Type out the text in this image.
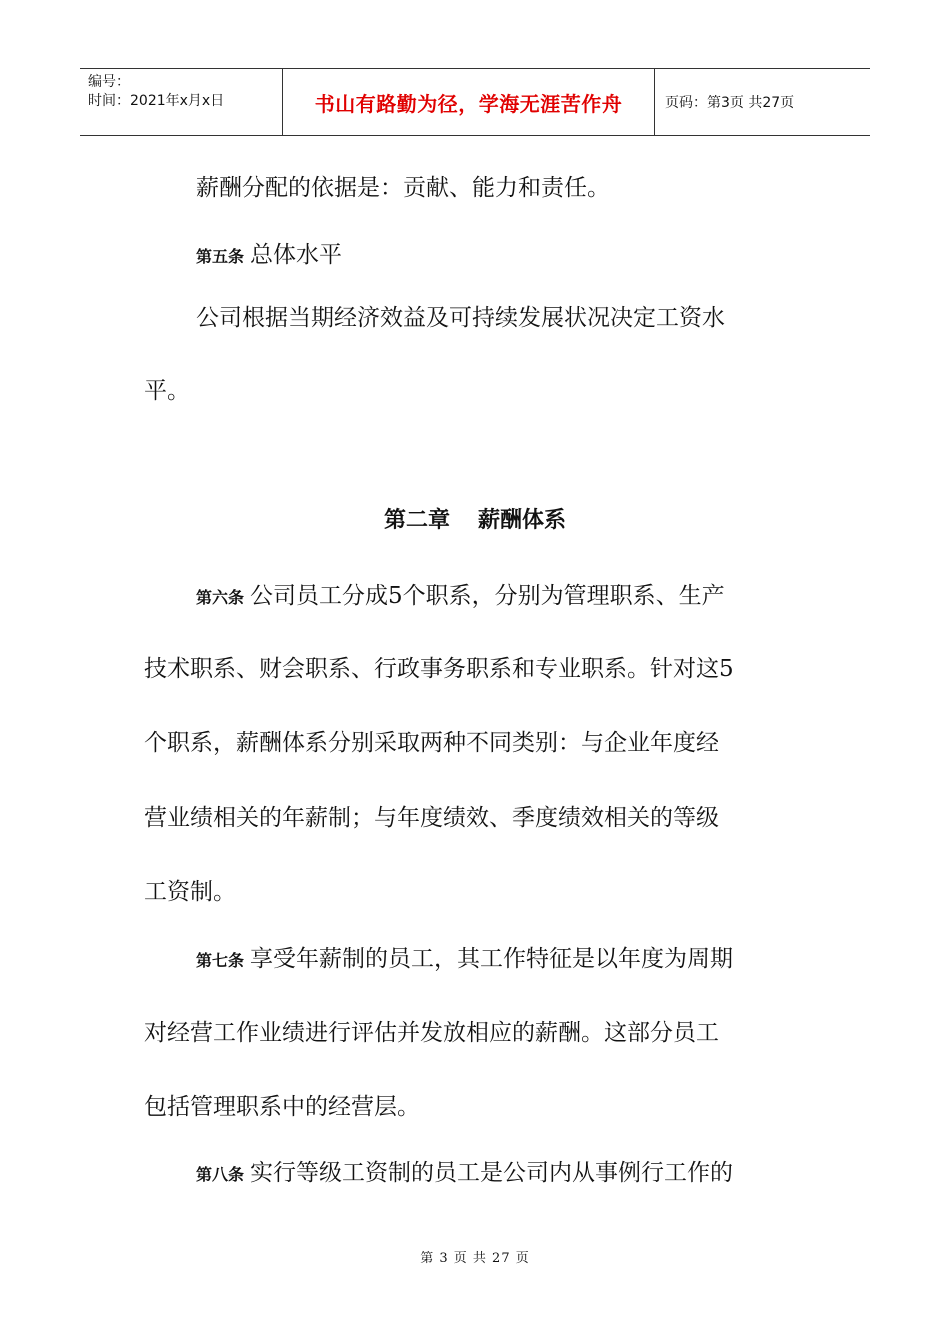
编号：
时间：2021年x月x日	书山有路勤为径，学海无涯苦作舟	页码：第3页 共27页

薪酬分配的依据是：贡献、能力和责任。

第五条 总体水平

公司根据当期经济效益及可持续发展状况决定工资水

平。

第二章 薪酬体系

第六条 公司员工分成5个职系，分别为管理职系、生产

技术职系、财会职系、行政事务职系和专业职系。针对这5

个职系，薪酬体系分别采取两种不同类别：与企业年度经

营业绩相关的年薪制；与年度绩效、季度绩效相关的等级

工资制。

第七条 享受年薪制的员工，其工作特征是以年度为周期

对经营工作业绩进行评估并发放相应的薪酬。这部分员工

包括管理职系中的经营层。

第八条 实行等级工资制的员工是公司内从事例行工作的

第 3 页 共 27 页
